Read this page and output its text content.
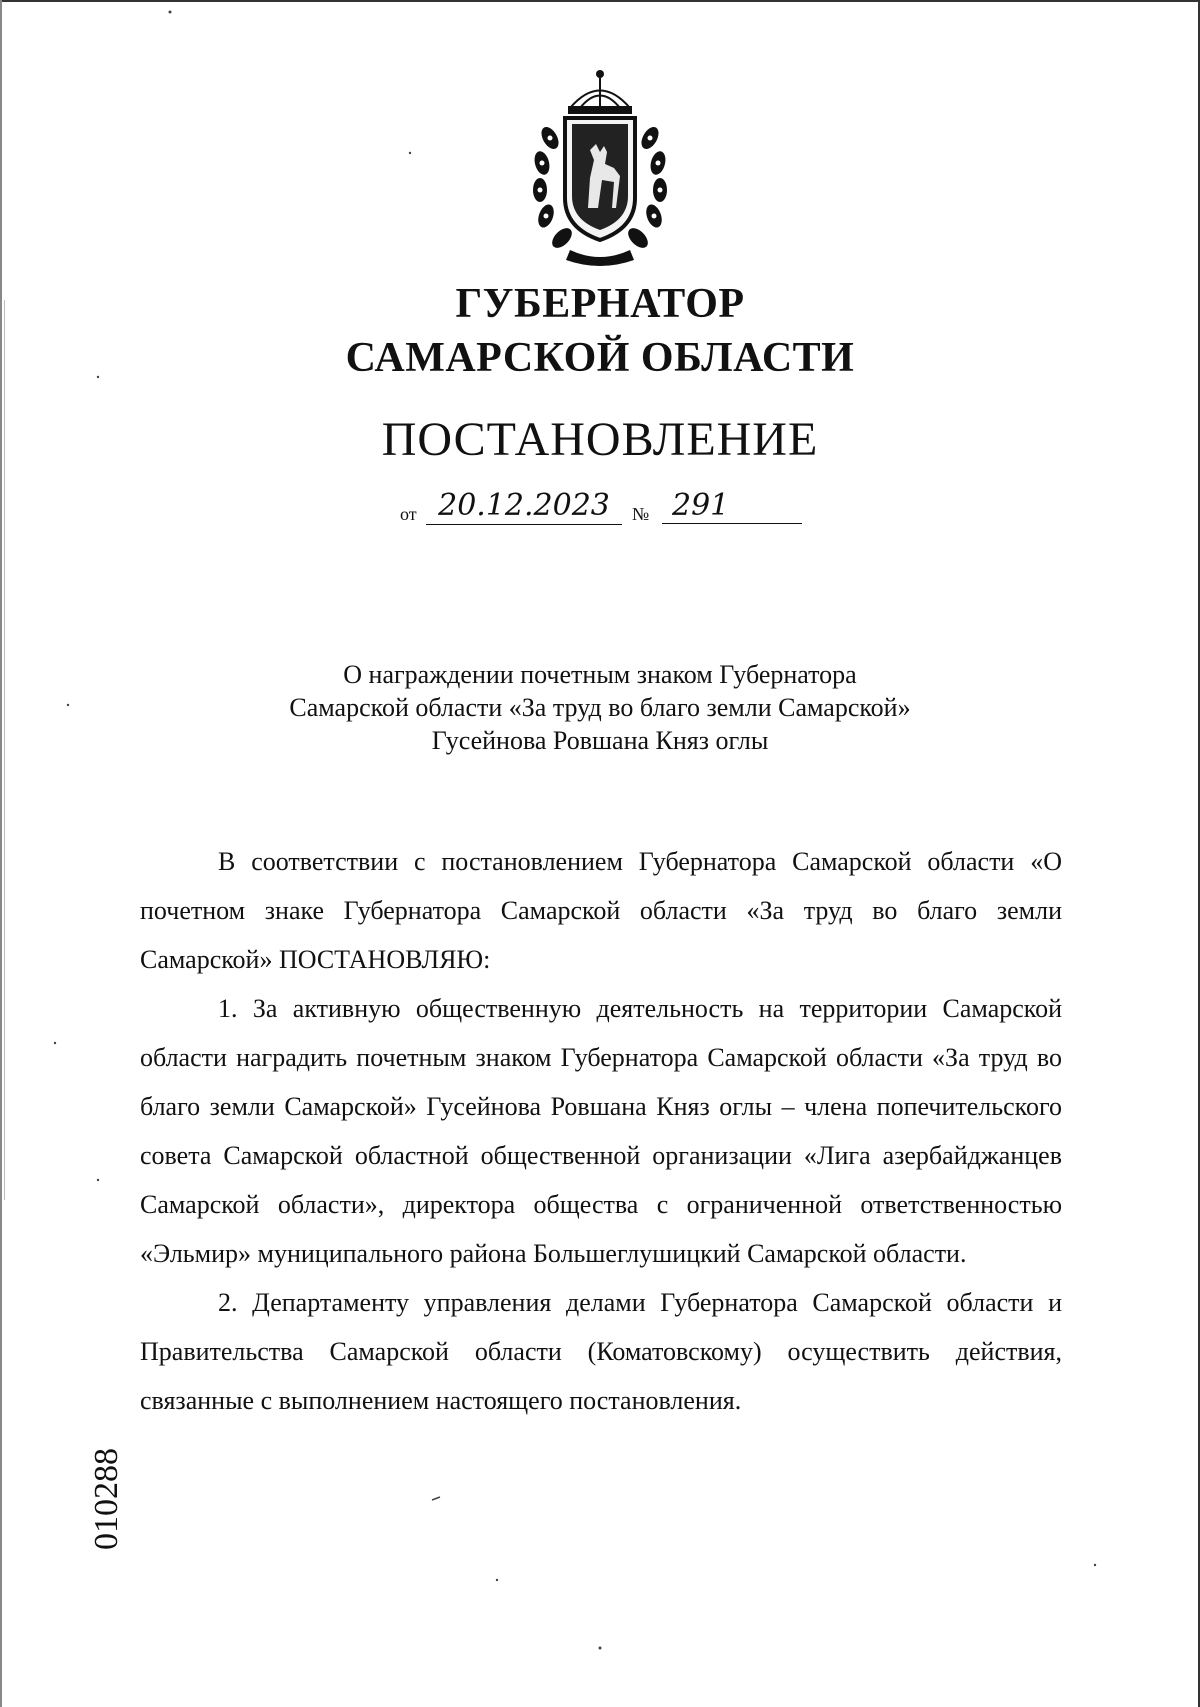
ГУБЕРНАТОР
САМАРСКОЙ ОБЛАСТИ
ПОСТАНОВЛЕНИЕ
от 20.12.2023	№ 291
О награждении почетным знаком Губернатора
Самарской области «За труд во благо земли Самарской»
Гусейнова Ровшана Княз оглы

В соответствии с постановлением Губернатора Самарской области «О почетном знаке Губернатора Самарской области «За труд во благо земли Самарской» ПОСТАНОВЛЯЮ:

1. За активную общественную деятельность на территории Самарской области наградить почетным знаком Губернатора Самарской области «За труд во благо земли Самарской» Гусейнова Ровшана Княз оглы – члена попечительского совета Самарской областной общественной организации «Лига азербайджанцев Самарской области», директора общества с ограниченной ответственностью «Эльмир» муниципального района Большеглушицкий Самарской области.

2. Департаменту управления делами Губернатора Самарской области и Правительства Самарской области (Коматовскому) осуществить действия, связанные с выполнением настоящего постановления.

010288
